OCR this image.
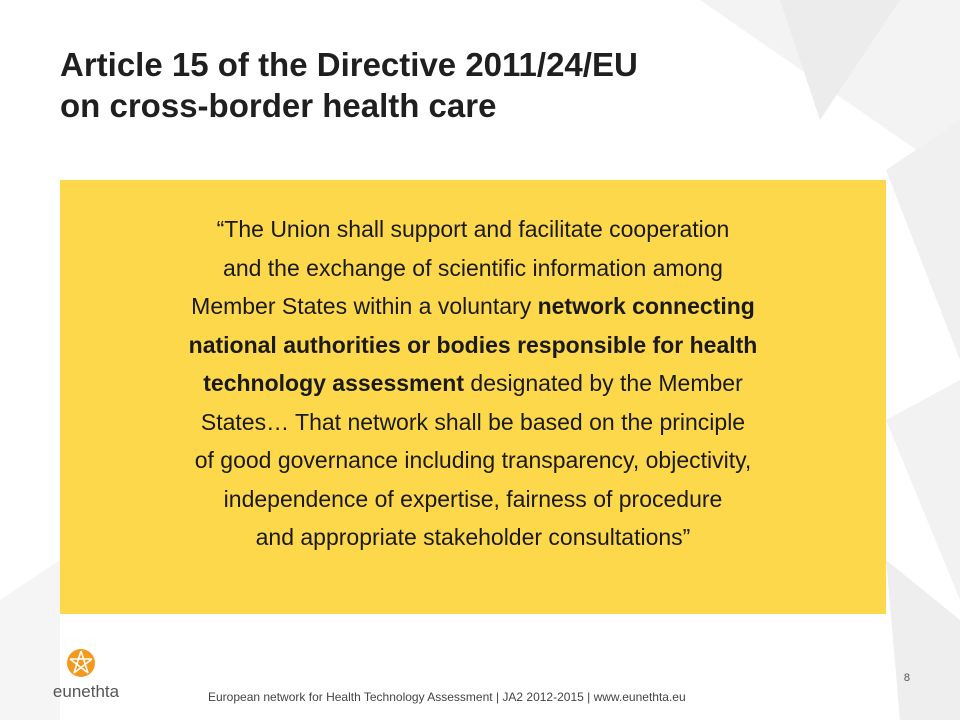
Article 15 of the Directive 2011/24/EU
on cross-border health care

“The Union shall support and facilitate cooperation
and the exchange of scientific information among
Member States within a voluntary network connecting
national authorities or bodies responsible for health
technology assessment designated by the Member
States… That network shall be based on the principle
of good governance including transparency, objectivity,
independence of expertise, fairness of procedure
and appropriate stakeholder consultations”

eunethta	European network for Health Technology Assessment | JA2 2012-2015 | www.eunethta.eu
8
